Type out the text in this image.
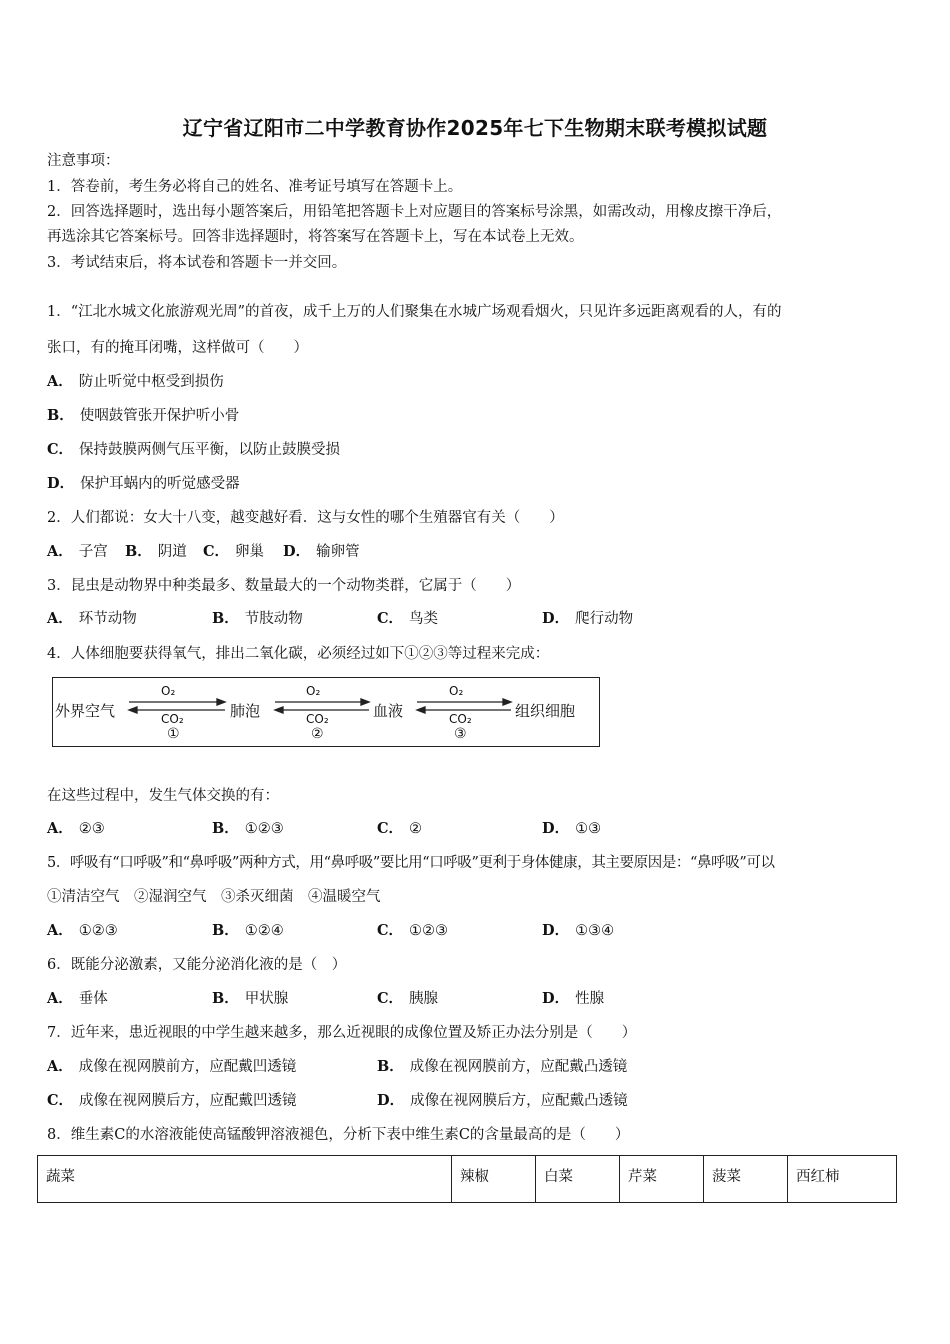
辽宁省辽阳市二中学教育协作2025年七下生物期末联考模拟试题
注意事项：
1．答卷前，考生务必将自己的姓名、准考证号填写在答题卡上。
2．回答选择题时，选出每小题答案后，用铅笔把答题卡上对应题目的答案标号涂黑，如需改动，用橡皮擦干净后，
再选涂其它答案标号。回答非选择题时，将答案写在答题卡上，写在本试卷上无效。
3．考试结束后，将本试卷和答题卡一并交回。
1．“江北水城文化旅游观光周”的首夜，成千上万的人们聚集在水城广场观看烟火，只见许多远距离观看的人，有的
张口，有的掩耳闭嘴，这样做可（　　）
A． 防止听觉中枢受到损伤
B． 使咽鼓管张开保护听小骨
C． 保持鼓膜两侧气压平衡，以防止鼓膜受损
D． 保护耳蜗内的听觉感受器
2．人们都说：女大十八变，越变越好看．这与女性的哪个生殖器官有关（　　）
A． 子宫 B． 阴道 C． 卵巢 D． 输卵管
3．昆虫是动物界中种类最多、数量最大的一个动物类群，它属于（　　）
A． 环节动物	B． 节肢动物	C． 鸟类	D． 爬行动物
4．人体细胞要获得氧气，排出二氧化碳，必须经过如下①②③等过程来完成：
外界空气	肺泡	血液	组织细胞
O₂	O₂	O₂
CO₂	CO₂	CO₂
①	②	③
在这些过程中，发生气体交换的有：
A． ②③	B． ①②③	C． ②	D． ①③
5．呼吸有“口呼吸”和“鼻呼吸”两种方式，用“鼻呼吸”要比用“口呼吸”更利于身体健康，其主要原因是：“鼻呼吸”可以
①清洁空气　②湿润空气　③杀灭细菌　④温暖空气
A． ①②③	B． ①②④	C． ①②③	D． ①③④
6．既能分泌激素，又能分泌消化液的是（　）
A． 垂体	B． 甲状腺	C． 胰腺	D． 性腺
7．近年来，患近视眼的中学生越来越多，那么近视眼的成像位置及矫正办法分别是（　　）
A． 成像在视网膜前方，应配戴凹透镜	B． 成像在视网膜前方，应配戴凸透镜
C． 成像在视网膜后方，应配戴凹透镜	D． 成像在视网膜后方，应配戴凸透镜
8．维生素C的水溶液能使高锰酸钾溶液褪色，分析下表中维生素C的含量最高的是（　　）
蔬菜	辣椒	白菜	芹菜	菠菜	西红柿
